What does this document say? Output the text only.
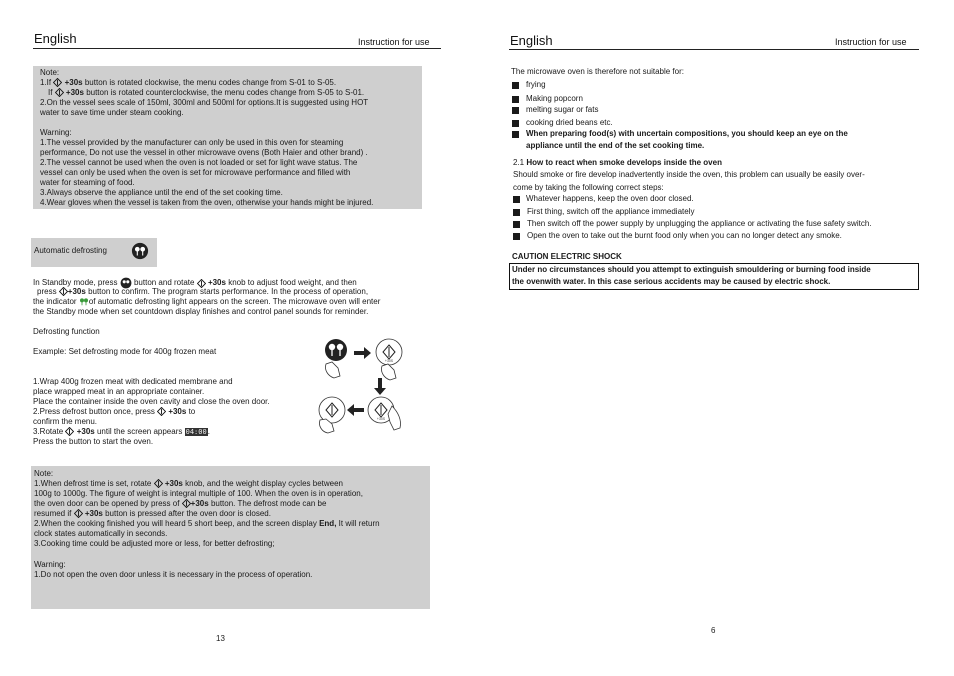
English	Instruction for use
Note:
1.If +30s button is rotated clockwise, the menu codes change from S-01 to S-05.
If +30s button is rotated counterclockwise, the menu codes change from S-05 to S-01.
2.On the vessel sees scale of 150ml, 300ml and 500ml for options.It is suggested using HOT
water to save time under steam cooking.
Warning:
1.The vessel provided by the manufacturer can only be used in this oven for steaming
performance, Do not use the vessel in other microwave ovens (Both Haier and other brand) .
2.The vessel cannot be used when the oven is not loaded or set for light wave status. The
vessel can only be used when the oven is set for microwave performance and filled with
water for steaming of food.
3.Always observe the appliance until the end of the set cooking time.
4.Wear gloves when the vessel is taken from the oven, otherwise your hands might be injured.
Automatic defrosting
In Standby mode, press button and rotate +30s knob to adjust food weight, and then
press +30s button to confirm. The program starts performance. In the process of operation,
the indicator of automatic defrosting light appears on the screen. The microwave oven will enter
the Standby mode when set countdown display finishes and control panel sounds for reminder.
Defrosting function
Example: Set defrosting mode for 400g frozen meat
1.Wrap 400g frozen meat with dedicated membrane and
place wrapped meat in an appropriate container.
Place the container inside the oven cavity and close the oven door.
2.Press defrost button once, press +30s to
confirm the menu.
3.Rotate +30s until the screen appears 04:00.
Press the button to start the oven.
+30S
+30S
Note:
1.When defrost time is set, rotate +30s knob, and the weight display cycles between
100g to 1000g. The figure of weight is integral multiple of 100. When the oven is in operation,
the oven door can be opened by press of +30s button. The defrost mode can be
resumed if +30s button is pressed after the oven door is closed.
2.When the cooking finished you will heard 5 short beep, and the screen display End, It will return
clock states automatically in seconds.
3.Cooking time could be adjusted more or less, for better defrosting;
Warning:
1.Do not open the oven door unless it is necessary in the process of operation.
13
English	Instruction for use
The microwave oven is therefore not suitable for:
frying
Making popcorn
melting sugar or fats
cooking dried beans etc.
When preparing food(s) with uncertain compositions, you should keep an eye on the
appliance until the end of the set cooking time.
2.1 How to react when smoke develops inside the oven
Should smoke or fire develop inadvertently inside the oven, this problem can usually be easily over-
come by taking the following correct steps:
Whatever happens, keep the oven door closed.
First thing, switch off the appliance immediately
Then switch off the power supply by unplugging the appliance or activating the fuse safety switch.
Open the oven to take out the burnt food only when you can no longer detect any smoke.
CAUTION ELECTRIC SHOCK
Under no circumstances should you attempt to extinguish smouldering or burning food inside
the ovenwith water. In this case serious accidents may be caused by electric shock.
6
